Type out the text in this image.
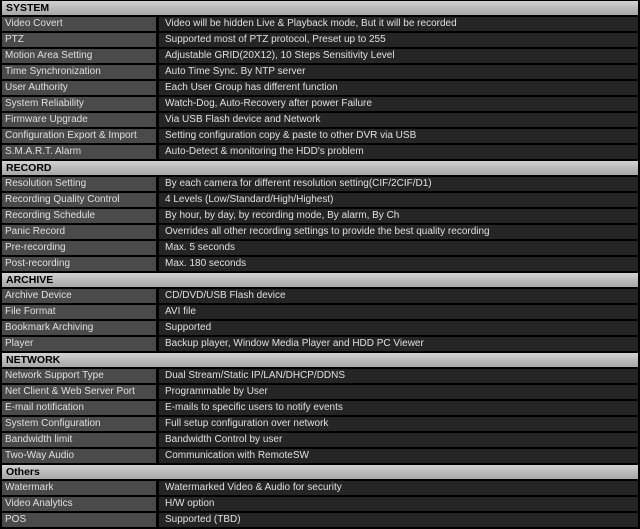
SYSTEM
Video Covert	Video will be hidden Live & Playback mode, But it will be recorded
PTZ	Supported most of PTZ protocol, Preset up to 255
Motion Area Setting	Adjustable GRID(20X12), 10 Steps Sensitivity Level
Time Synchronization	Auto Time Sync. By NTP server
User Authority	Each User Group has different function
System Reliability	Watch-Dog, Auto-Recovery after power Failure
Firmware Upgrade	Via USB Flash device and Network
Configuration Export & Import	Setting configuration copy & paste to other DVR via USB
S.M.A.R.T. Alarm	Auto-Detect & monitoring the HDD's problem
RECORD
Resolution Setting	By each camera for different resolution setting(CIF/2CIF/D1)
Recording Quality Control	4 Levels (Low/Standard/High/Highest)
Recording Schedule	By hour, by day, by recording mode, By alarm, By Ch
Panic Record	Overrides all other recording settings to provide the best quality recording
Pre-recording	Max. 5 seconds
Post-recording	Max. 180 seconds
ARCHIVE
Archive Device	CD/DVD/USB Flash device
File Format	AVI file
Bookmark Archiving	Supported
Player	Backup player, Window Media Player and HDD PC Viewer
NETWORK
Network Support Type	Dual Stream/Static IP/LAN/DHCP/DDNS
Net Client & Web Server Port	Programmable by User
E-mail notification	E-mails to specific users to notify events
System Configuration	Full setup configuration over network
Bandwidth limit	Bandwidth Control by user
Two-Way Audio	Communication with RemoteSW
Others
Watermark	Watermarked Video & Audio for security
Video Analytics	H/W option
POS	Supported (TBD)
